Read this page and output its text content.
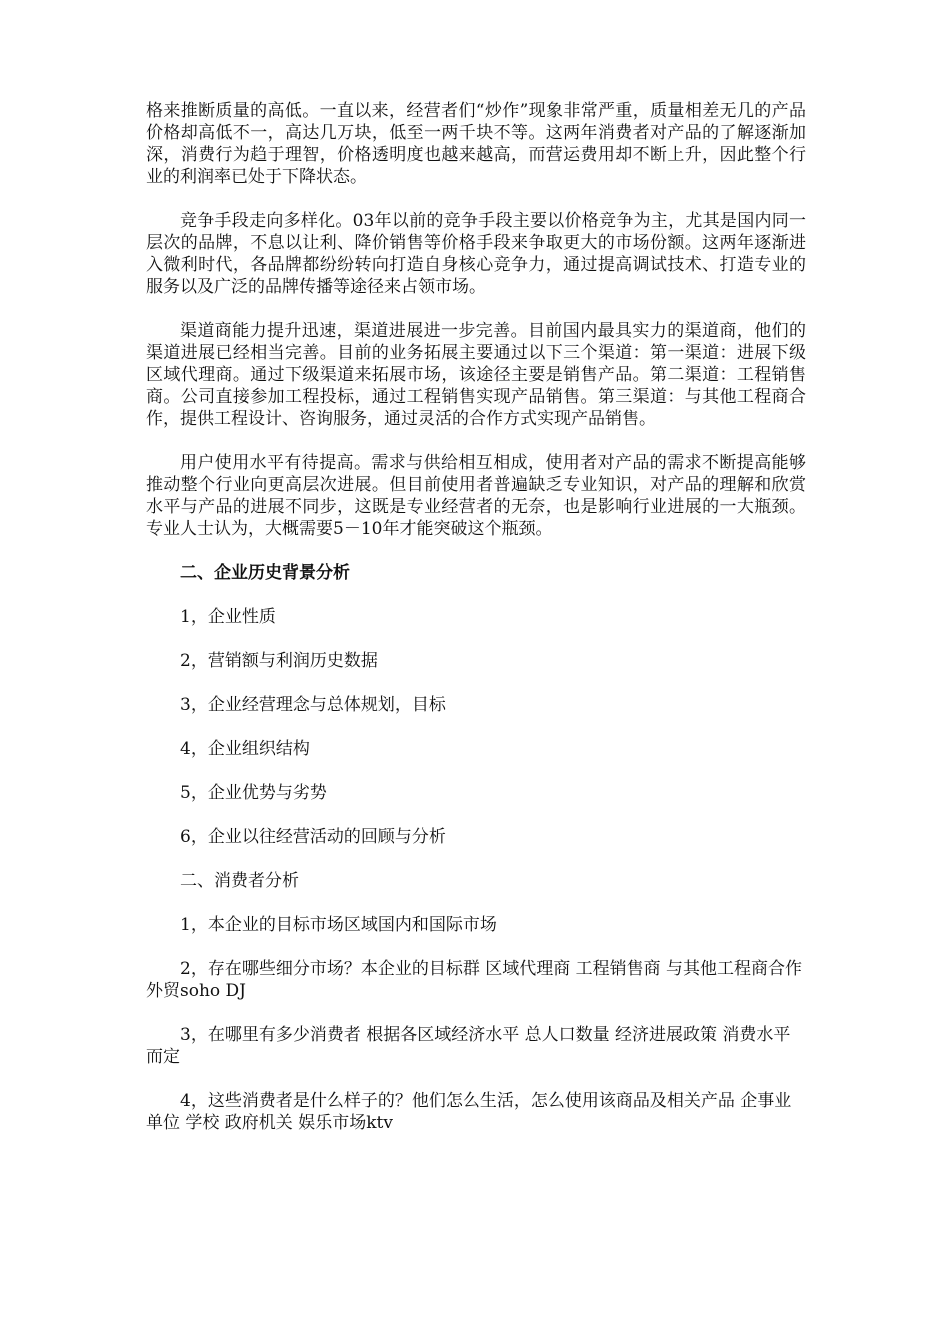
格来推断质量的高低。一直以来，经营者们“炒作”现象非常严重，质量相差无几的产品价格却高低不一，高达几万块，低至一两千块不等。这两年消费者对产品的了解逐渐加深，消费行为趋于理智，价格透明度也越来越高，而营运费用却不断上升，因此整个行业的利润率已处于下降状态。

竞争手段走向多样化。03年以前的竞争手段主要以价格竞争为主，尤其是国内同一层次的品牌，不息以让利、降价销售等价格手段来争取更大的市场份额。这两年逐渐进入微利时代，各品牌都纷纷转向打造自身核心竞争力，通过提高调试技术、打造专业的服务以及广泛的品牌传播等途径来占领市场。

渠道商能力提升迅速，渠道进展进一步完善。目前国内最具实力的渠道商，他们的渠道进展已经相当完善。目前的业务拓展主要通过以下三个渠道：第一渠道：进展下级区域代理商。通过下级渠道来拓展市场，该途径主要是销售产品。第二渠道：工程销售商。公司直接参加工程投标，通过工程销售实现产品销售。第三渠道：与其他工程商合作，提供工程设计、咨询服务，通过灵活的合作方式实现产品销售。

用户使用水平有待提高。需求与供给相互相成，使用者对产品的需求不断提高能够推动整个行业向更高层次进展。但目前使用者普遍缺乏专业知识，对产品的理解和欣赏水平与产品的进展不同步，这既是专业经营者的无奈，也是影响行业进展的一大瓶颈。专业人士认为，大概需要5－10年才能突破这个瓶颈。

二、企业历史背景分析

1，企业性质

2，营销额与利润历史数据

3，企业经营理念与总体规划，目标

4，企业组织结构

5，企业优势与劣势

6，企业以往经营活动的回顾与分析

二、消费者分析

1，本企业的目标市场区域国内和国际市场

2，存在哪些细分市场？本企业的目标群 区域代理商 工程销售商 与其他工程商合作 外贸soho DJ

3，在哪里有多少消费者 根据各区域经济水平 总人口数量 经济进展政策 消费水平而定

4，这些消费者是什么样子的？他们怎么生活，怎么使用该商品及相关产品 企事业单位 学校 政府机关 娱乐市场ktv
